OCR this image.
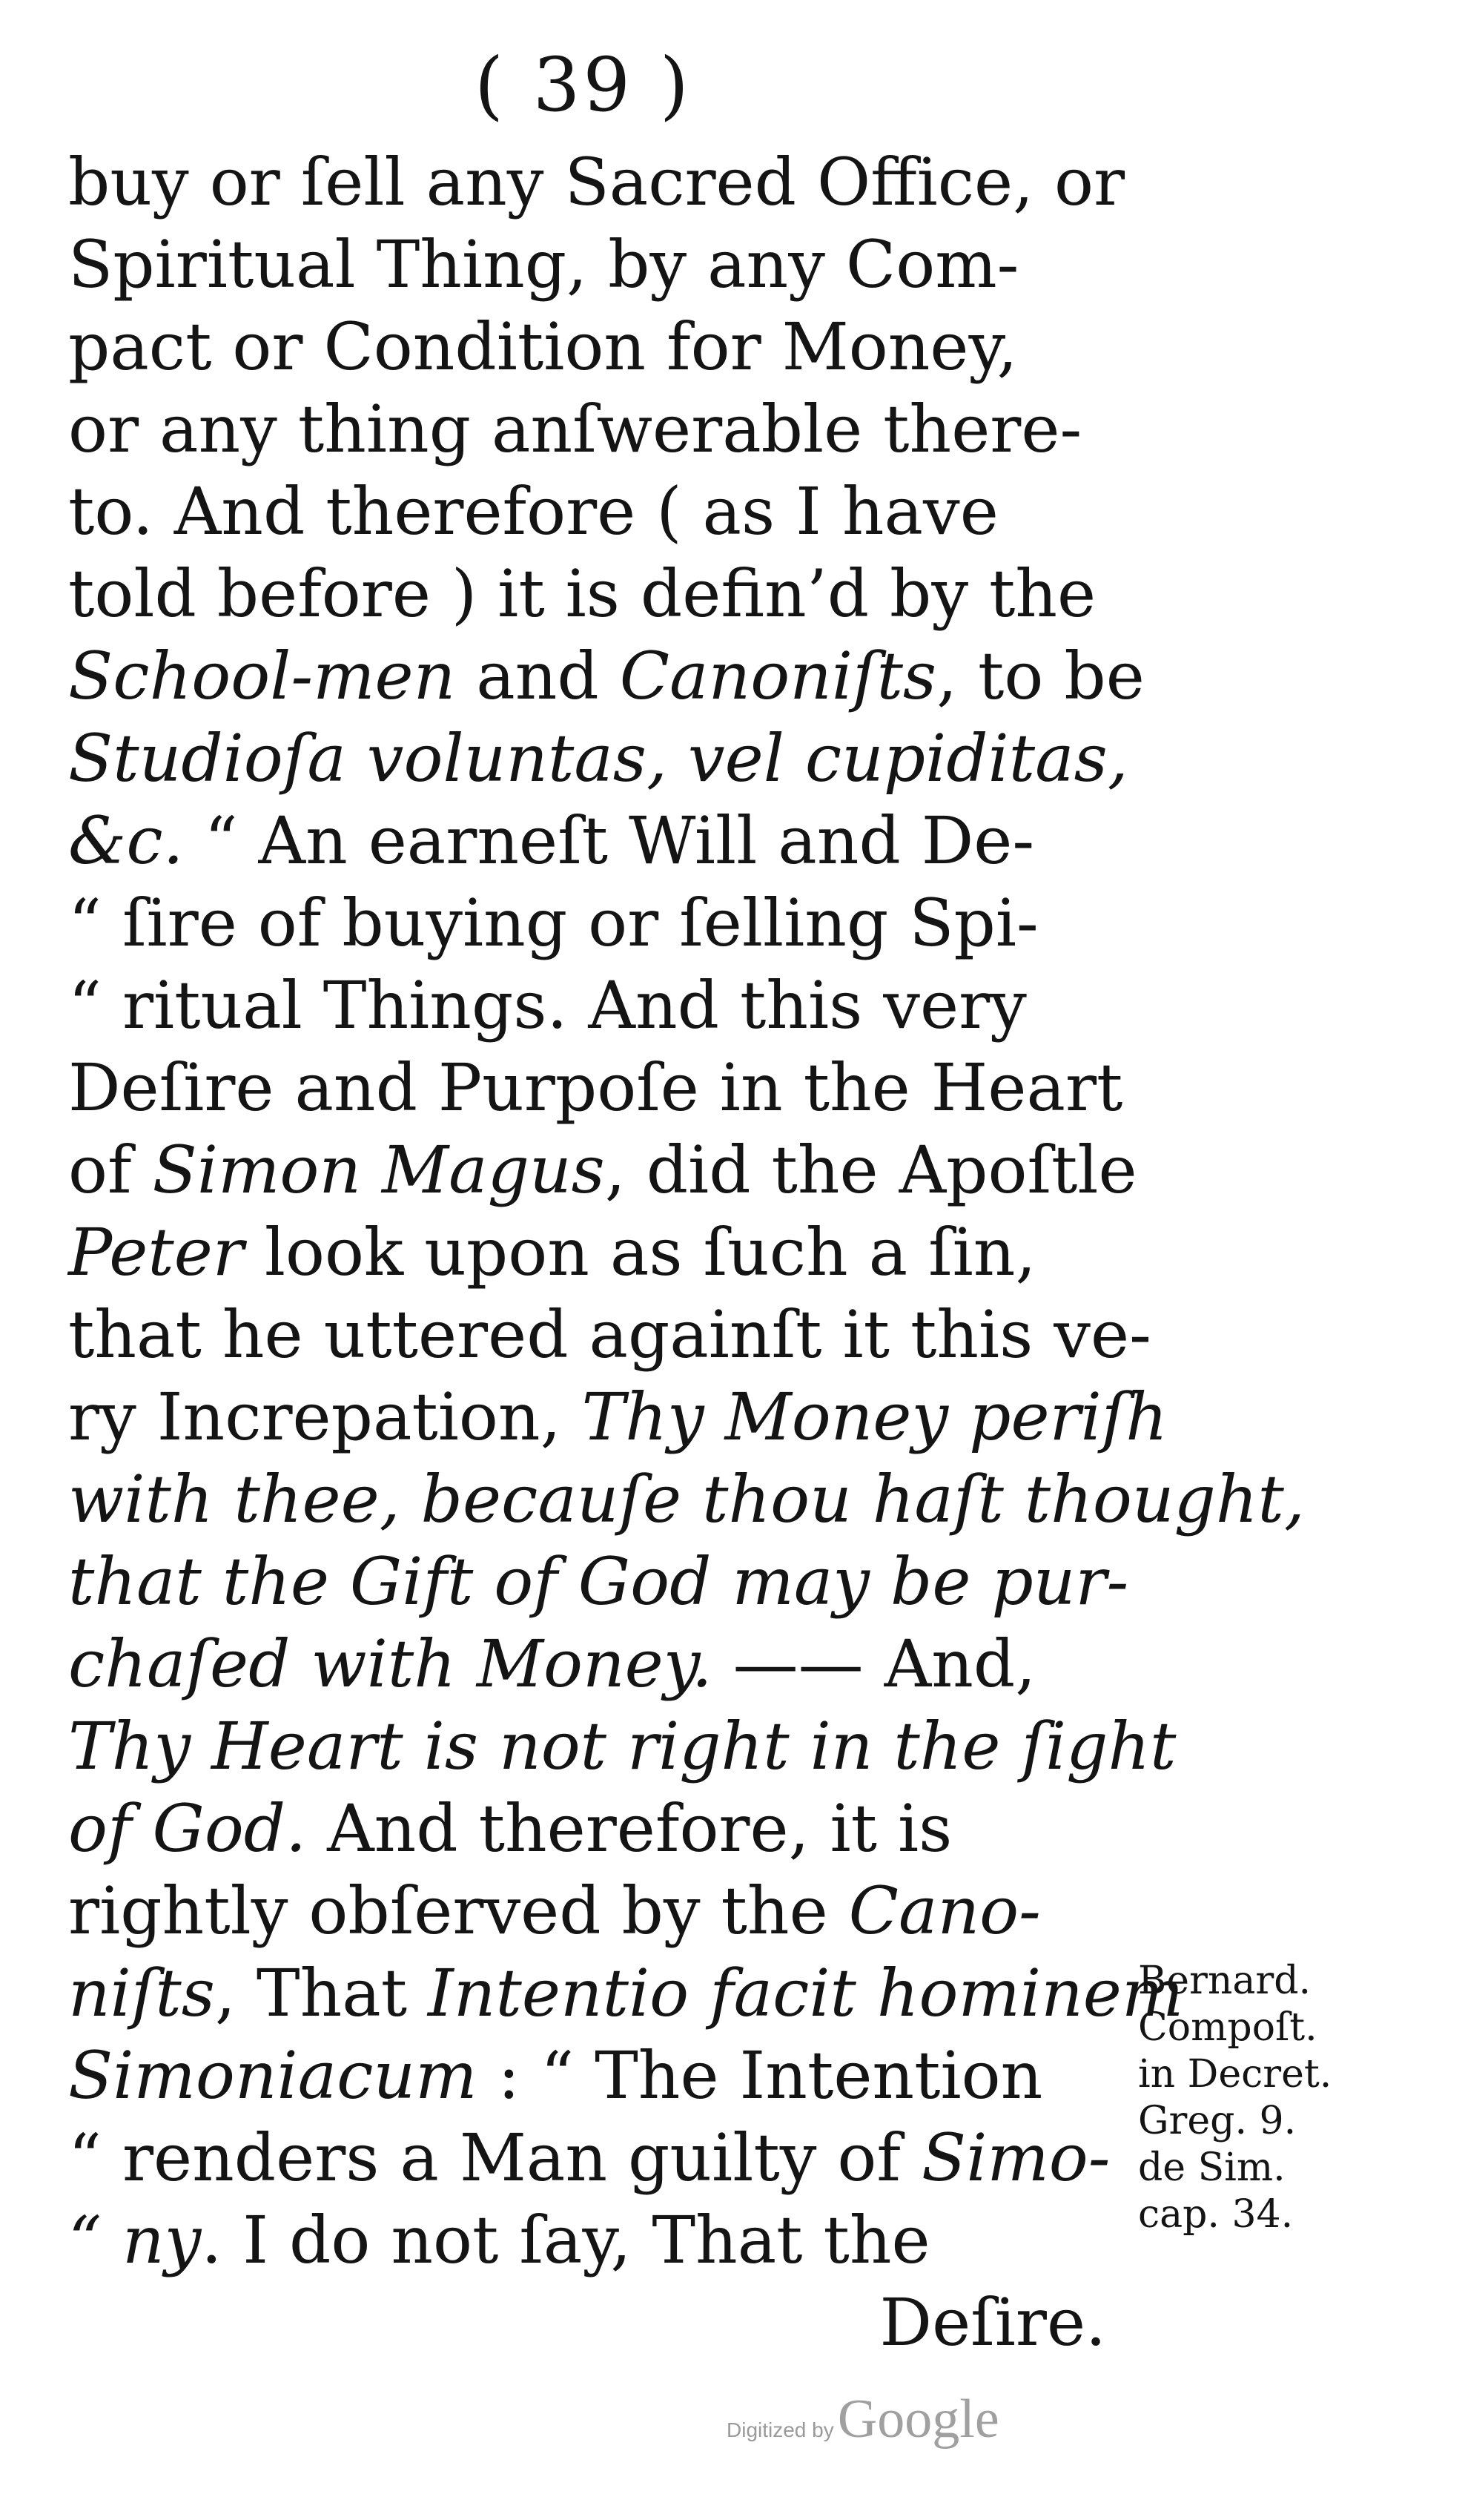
( 39 )
buy or ſell any Sacred Office, or
Spiritual Thing, by any Com-
pact or Condition for Money,
or any thing anſwerable there-
to. And therefore ( as I have
told before ) it is defin’d by the
School-men and Canoniſts, to be
Studioſa voluntas, vel cupiditas,
&c. “ An earneſt Will and De-
“ ſire of buying or ſelling Spi-
“ ritual Things. And this very
Deſire and Purpoſe in the Heart
of Simon Magus, did the Apoſtle
Peter look upon as ſuch a ſin,
that he uttered againſt it this ve-
ry Increpation, Thy Money periſh
with thee, becauſe thou haſt thought,
that the Gift of God may be pur-
chaſed with Money. —— And,
Thy Heart is not right in the ſight
of God. And therefore, it is
rightly obſerved by the Cano-
niſts, That Intentio facit hominem
Simoniacum : “ The Intention
“ renders a Man guilty of Simo-
“ ny. I do not ſay, That the
Deſire.
Bernard.
Compoſt.
in Decret.
Greg. 9.
de Sim.
cap. 34.
Digitized by Google
